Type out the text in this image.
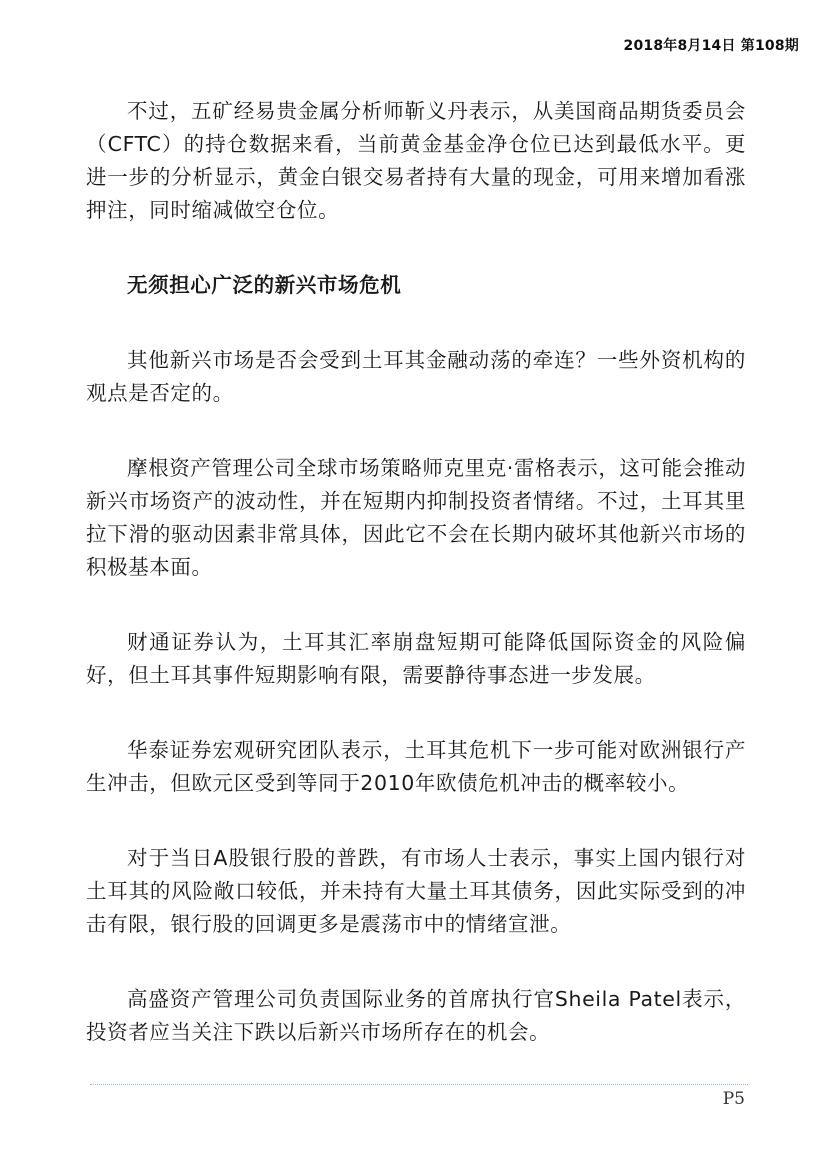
2018年8月14日 第108期

不过，五矿经易贵金属分析师靳义丹表示，从美国商品期货委员会（CFTC）的持仓数据来看，当前黄金基金净仓位已达到最低水平。更进一步的分析显示，黄金白银交易者持有大量的现金，可用来增加看涨押注，同时缩减做空仓位。

无须担心广泛的新兴市场危机

其他新兴市场是否会受到土耳其金融动荡的牵连？一些外资机构的观点是否定的。

摩根资产管理公司全球市场策略师克里克·雷格表示，这可能会推动新兴市场资产的波动性，并在短期内抑制投资者情绪。不过，土耳其里拉下滑的驱动因素非常具体，因此它不会在长期内破坏其他新兴市场的积极基本面。

财通证券认为，土耳其汇率崩盘短期可能降低国际资金的风险偏好，但土耳其事件短期影响有限，需要静待事态进一步发展。

华泰证券宏观研究团队表示，土耳其危机下一步可能对欧洲银行产生冲击，但欧元区受到等同于2010年欧债危机冲击的概率较小。

对于当日A股银行股的普跌，有市场人士表示，事实上国内银行对土耳其的风险敞口较低，并未持有大量土耳其债务，因此实际受到的冲击有限，银行股的回调更多是震荡市中的情绪宣泄。

高盛资产管理公司负责国际业务的首席执行官Sheila Patel表示，投资者应当关注下跌以后新兴市场所存在的机会。

P5
